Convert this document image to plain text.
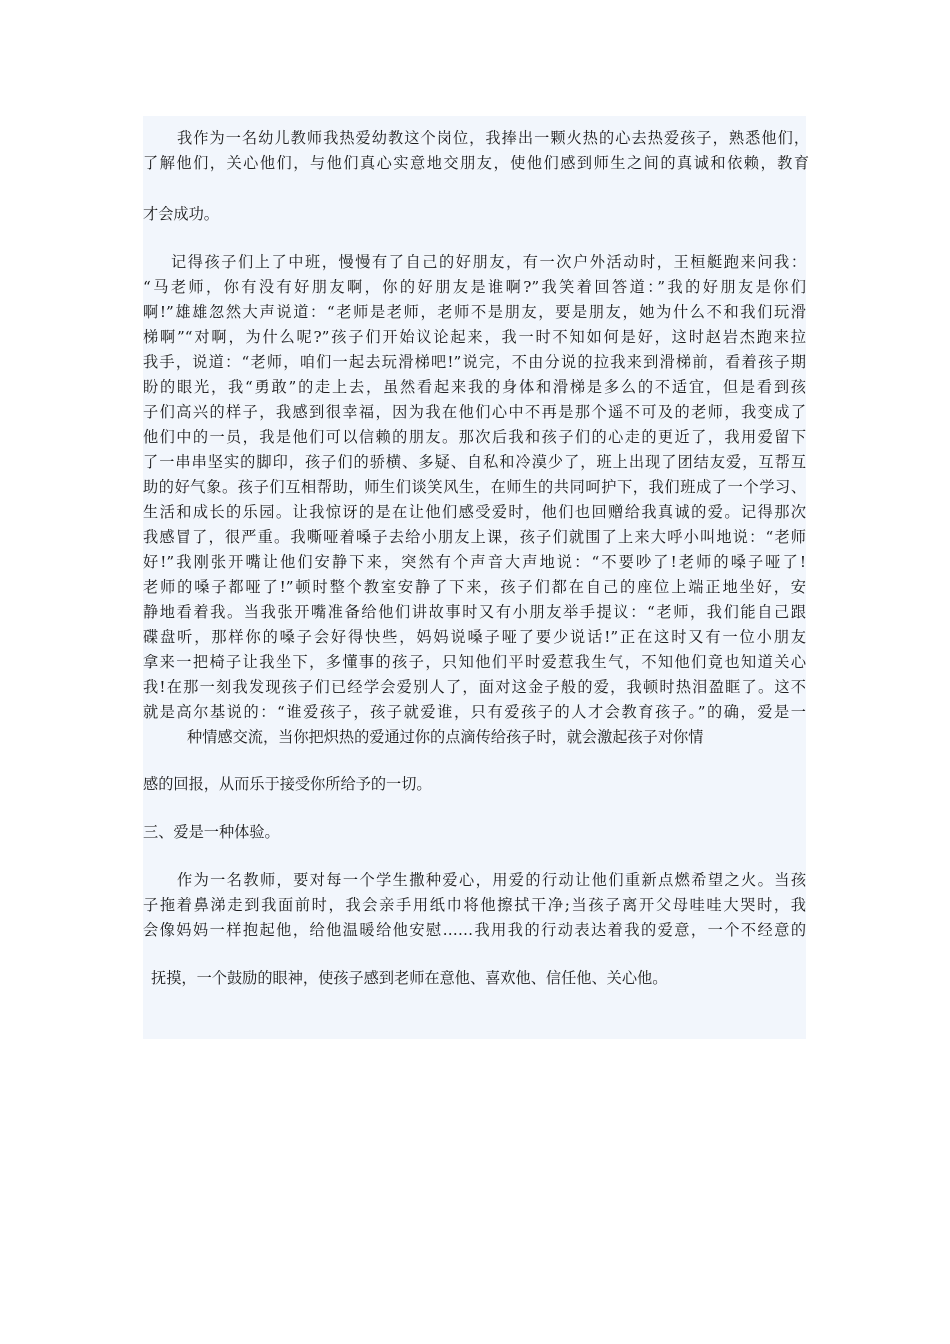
我作为一名幼儿教师我热爱幼教这个岗位，我捧出一颗火热的心去热爱孩子，熟悉他们，
了解他们，关心他们，与他们真心实意地交朋友，使他们感到师生之间的真诚和依赖，教育
才会成功。
记得孩子们上了中班，慢慢有了自己的好朋友，有一次户外活动时，王桓艇跑来问我：
“马老师，你有没有好朋友啊，你的好朋友是谁啊?”我笑着回答道：”我的好朋友是你们
啊!”雄雄忽然大声说道：“老师是老师，老师不是朋友，要是朋友，她为什么不和我们玩滑
梯啊”“对啊，为什么呢?”孩子们开始议论起来，我一时不知如何是好，这时赵岩杰跑来拉
我手，说道：“老师，咱们一起去玩滑梯吧!”说完，不由分说的拉我来到滑梯前，看着孩子期
盼的眼光，我“勇敢”的走上去，虽然看起来我的身体和滑梯是多么的不适宜，但是看到孩
子们高兴的样子，我感到很幸福，因为我在他们心中不再是那个遥不可及的老师，我变成了
他们中的一员，我是他们可以信赖的朋友。那次后我和孩子们的心走的更近了，我用爱留下
了一串串坚实的脚印，孩子们的骄横、多疑、自私和冷漠少了，班上出现了团结友爱，互帮互
助的好气象。孩子们互相帮助，师生们谈笑风生，在师生的共同呵护下，我们班成了一个学习、
生活和成长的乐园。让我惊讶的是在让他们感受爱时，他们也回赠给我真诚的爱。记得那次
我感冒了，很严重。我嘶哑着嗓子去给小朋友上课，孩子们就围了上来大呼小叫地说：“老师
好!”我刚张开嘴让他们安静下来，突然有个声音大声地说：“不要吵了!老师的嗓子哑了!
老师的嗓子都哑了!”顿时整个教室安静了下来，孩子们都在自己的座位上端正地坐好，安
静地看着我。当我张开嘴准备给他们讲故事时又有小朋友举手提议：“老师，我们能自己跟
碟盘听，那样你的嗓子会好得快些，妈妈说嗓子哑了要少说话!”正在这时又有一位小朋友
拿来一把椅子让我坐下，多懂事的孩子，只知他们平时爱惹我生气，不知他们竟也知道关心
我!在那一刻我发现孩子们已经学会爱别人了，面对这金子般的爱，我顿时热泪盈眶了。这不
就是高尔基说的：“谁爱孩子，孩子就爱谁，只有爱孩子的人才会教育孩子。”的确，爱是一
种情感交流，当你把炽热的爱通过你的点滴传给孩子时，就会激起孩子对你情
感的回报，从而乐于接受你所给予的一切。
三、爱是一种体验。
作为一名教师，要对每一个学生撒种爱心，用爱的行动让他们重新点燃希望之火。当孩
子拖着鼻涕走到我面前时，我会亲手用纸巾将他擦拭干净;当孩子离开父母哇哇大哭时，我
会像妈妈一样抱起他，给他温暖给他安慰……我用我的行动表达着我的爱意，一个不经意的
抚摸，一个鼓励的眼神，使孩子感到老师在意他、喜欢他、信任他、关心他。
